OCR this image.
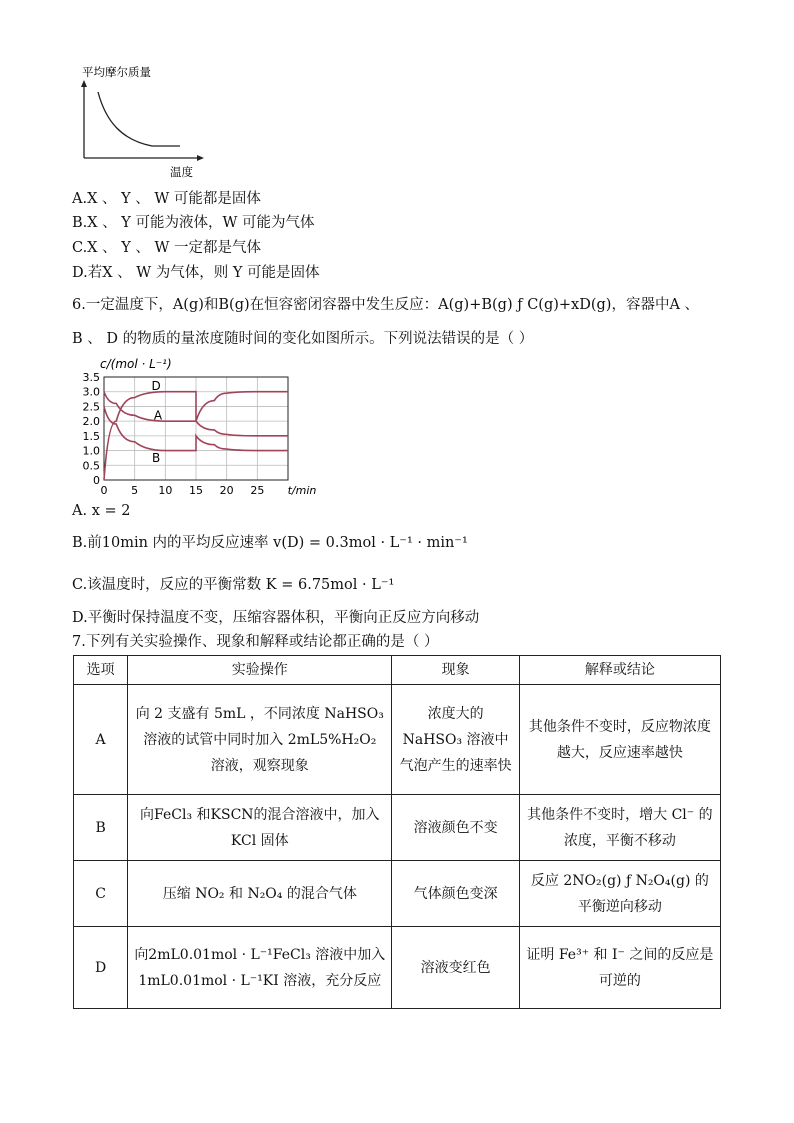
平均摩尔质量
温度
A.X 、 Y 、 W 可能都是固体
B.X 、 Y 可能为液体，W 可能为气体
C.X 、 Y 、 W 一定都是气体
D.若X 、 W 为气体，则 Y 可能是固体
6.一定温度下，A(g)和B(g)在恒容密闭容器中发生反应：A(g)+B(g) ƒ C(g)+xD(g)，容器中A 、
B 、 D 的物质的量浓度随时间的变化如图所示。下列说法错误的是（ ）
0
0.5
1.0
1.5
2.0
2.5
3.0
3.5
0 5 10 15 20 25
D
A
B
c/(mol · L⁻¹)
t/min
A. x = 2
B.前10min 内的平均反应速率 v(D) = 0.3mol · L⁻¹ · min⁻¹
C.该温度时，反应的平衡常数 K = 6.75mol · L⁻¹
D.平衡时保持温度不变，压缩容器体积，平衡向正反应方向移动
7.下列有关实验操作、现象和解释或结论都正确的是（ ）
选项	实验操作	现象	解释或结论
A	向 2 支盛有 5mL ，不同浓度 NaHSO₃ 溶液的试管中同时加入 2mL5%H₂O₂ 溶液，观察现象	浓度大的 NaHSO₃ 溶液中气泡产生的速率快	其他条件不变时，反应物浓度越大，反应速率越快
B	向FeCl₃ 和KSCN的混合溶液中，加入KCl 固体	溶液颜色不变	其他条件不变时，增大 Cl⁻ 的浓度，平衡不移动
C	压缩 NO₂ 和 N₂O₄ 的混合气体	气体颜色变深	反应 2NO₂(g) ƒ N₂O₄(g) 的平衡逆向移动
D	向2mL0.01mol · L⁻¹FeCl₃ 溶液中加入1mL0.01mol · L⁻¹KI 溶液，充分反应	溶液变红色	证明 Fe³⁺ 和 I⁻ 之间的反应是可逆的
